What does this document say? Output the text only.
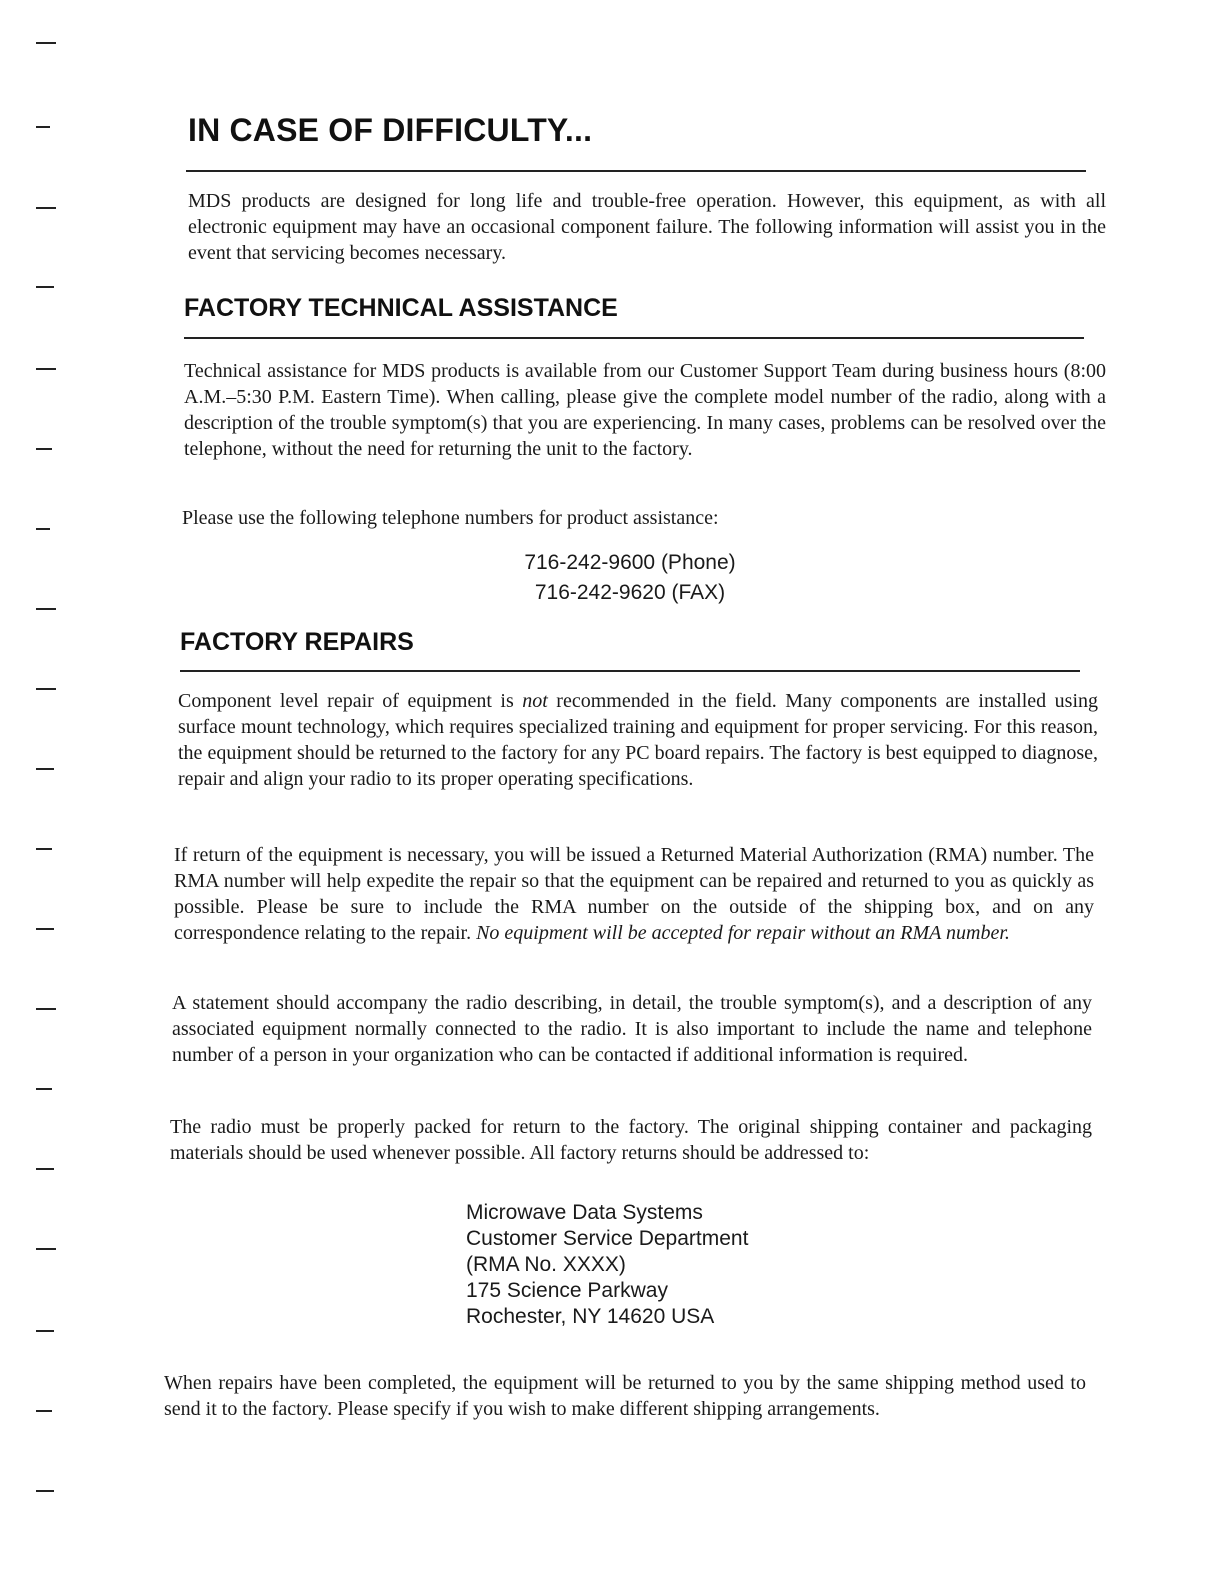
IN CASE OF DIFFICULTY...

MDS products are designed for long life and trouble-free operation. However, this equipment, as with all electronic equipment may have an occasional component failure. The following information will assist you in the event that servicing becomes necessary.

FACTORY TECHNICAL ASSISTANCE

Technical assistance for MDS products is available from our Customer Support Team during business hours (8:00 A.M.–5:30 P.M. Eastern Time). When calling, please give the complete model number of the radio, along with a description of the trouble symptom(s) that you are experiencing. In many cases, problems can be resolved over the telephone, without the need for returning the unit to the factory.

Please use the following telephone numbers for product assistance:

716-242-9600 (Phone)
716-242-9620 (FAX)
FACTORY REPAIRS

Component level repair of equipment is not recommended in the field. Many components are installed using surface mount technology, which requires specialized training and equipment for proper servicing. For this reason, the equipment should be returned to the factory for any PC board repairs. The factory is best equipped to diagnose, repair and align your radio to its proper operating specifications.

If return of the equipment is necessary, you will be issued a Returned Material Authorization (RMA) number. The RMA number will help expedite the repair so that the equipment can be repaired and returned to you as quickly as possible. Please be sure to include the RMA number on the outside of the shipping box, and on any correspondence relating to the repair. No equipment will be accepted for repair without an RMA number.

A statement should accompany the radio describing, in detail, the trouble symptom(s), and a description of any associated equipment normally connected to the radio. It is also important to include the name and telephone number of a person in your organization who can be contacted if additional information is required.

The radio must be properly packed for return to the factory. The original shipping container and packaging materials should be used whenever possible. All factory returns should be addressed to:

Microwave Data Systems
Customer Service Department
(RMA No. XXXX)
175 Science Parkway
Rochester, NY 14620 USA

When repairs have been completed, the equipment will be returned to you by the same shipping method used to send it to the factory. Please specify if you wish to make different shipping arrangements.
